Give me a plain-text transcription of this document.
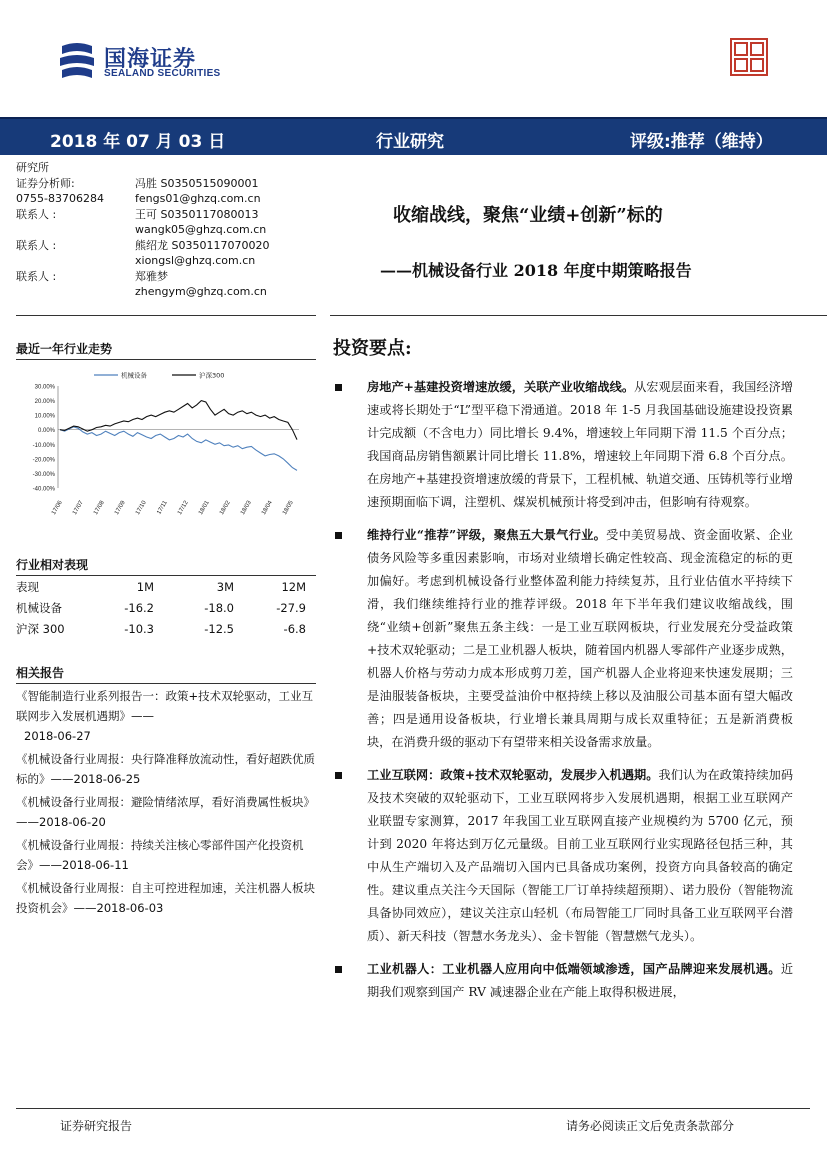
国海证券
SEALAND SECURITIES
2018 年 07 月 03 日	行业研究	评级:推荐（维持）
研究所
证券分析师:	冯胜 S0350515090001
0755-83706284	fengs01@ghzq.com.cn
联系人 :	王可 S0350117080013
wangk05@ghzq.com.cn
联系人 :	熊绍龙 S0350117070020
xiongsl@ghzq.com.cn
联系人 :	郑雅梦
zhengym@ghzq.com.cn
收缩战线，聚焦“业绩+创新”标的
——机械设备行业 2018 年度中期策略报告
最近一年行业走势
30.00%
20.00%
10.00%
0.00%
-10.00%
-20.00%
-30.00%
-40.00%
17/06 17/07 17/08 17/09 17/10 17/11 17/12 18/01 18/02 18/03 18/04 18/05
机械设备	沪深300
行业相对表现
表现	1M	3M	12M
机械设备	-16.2	-18.0	-27.9
沪深 300	-10.3	-12.5	-6.8
相关报告
《智能制造行业系列报告一：政策+技术双轮驱动，工业互联网步入发展机遇期》——
2018-06-27
《机械设备行业周报：央行降准释放流动性，看好超跌优质标的》——2018-06-25
《机械设备行业周报：避险情绪浓厚，看好消费属性板块》——2018-06-20
《机械设备行业周报：持续关注核心零部件国产化投资机会》——2018-06-11
《机械设备行业周报：自主可控进程加速，关注机器人板块投资机会》——2018-06-03
投资要点:
房地产+基建投资增速放缓，关联产业收缩战线。从宏观层面来看，我国经济增速或将长期处于“L”型平稳下滑通道。2018 年 1-5 月我国基础设施建设投资累计完成额（不含电力）同比增长 9.4%，增速较上年同期下滑 11.5 个百分点；我国商品房销售额累计同比增长 11.8%，增速较上年同期下滑 6.8 个百分点。在房地产+基建投资增速放缓的背景下，工程机械、轨道交通、压铸机等行业增速预期面临下调，注塑机、煤炭机械预计将受到冲击，但影响有待观察。
维持行业“推荐”评级，聚焦五大景气行业。受中美贸易战、资金面收紧、企业债务风险等多重因素影响，市场对业绩增长确定性较高、现金流稳定的标的更加偏好。考虑到机械设备行业整体盈利能力持续复苏，且行业估值水平持续下滑，我们继续维持行业的推荐评级。2018 年下半年我们建议收缩战线，围绕“业绩+创新”聚焦五条主线：一是工业互联网板块，行业发展充分受益政策+技术双轮驱动；二是工业机器人板块，随着国内机器人零部件产业逐步成熟，机器人价格与劳动力成本形成剪刀差，国产机器人企业将迎来快速发展期；三是油服装备板块，主要受益油价中枢持续上移以及油服公司基本面有望大幅改善；四是通用设备板块，行业增长兼具周期与成长双重特征；五是新消费板块，在消费升级的驱动下有望带来相关设备需求放量。
工业互联网：政策+技术双轮驱动，发展步入机遇期。我们认为在政策持续加码及技术突破的双轮驱动下，工业互联网将步入发展机遇期，根据工业互联网产业联盟专家测算，2017 年我国工业互联网直接产业规模约为 5700 亿元，预计到 2020 年将达到万亿元量级。目前工业互联网行业实现路径包括三种，其中从生产端切入及产品端切入国内已具备成功案例，投资方向具备较高的确定性。建议重点关注今天国际（智能工厂订单持续超预期）、诺力股份（智能物流具备协同效应），建议关注京山轻机（布局智能工厂同时具备工业互联网平台潜质）、新天科技（智慧水务龙头）、金卡智能（智慧燃气龙头）。
工业机器人：工业机器人应用向中低端领域渗透，国产品牌迎来发展机遇。近期我们观察到国产 RV 减速器企业在产能上取得积极进展，
证券研究报告	请务必阅读正文后免责条款部分
